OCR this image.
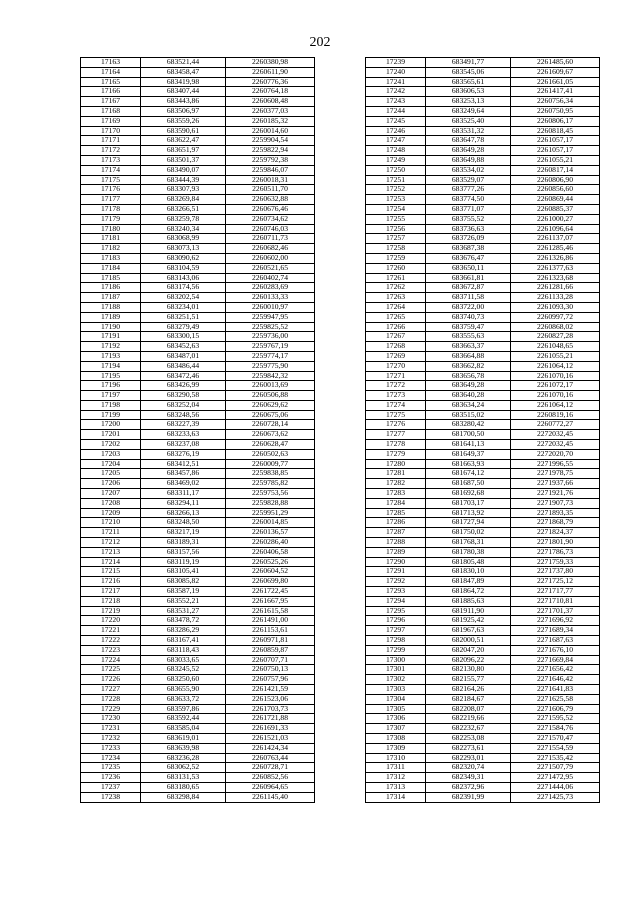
202
17163	683521,44	2260380,98
17164	683458,47	2260611,90
17165	683419,98	2260776,36
17166	683407,44	2260764,18
17167	683443,86	2260608,48
17168	683506,97	2260377,03
17169	683559,26	2260185,32
17170	683590,61	2260014,60
17171	683622,47	2259904,54
17172	683651,97	2259822,94
17173	683501,37	2259792,38
17174	683490,07	2259846,07
17175	683444,39	2260018,31
17176	683307,93	2260511,70
17177	683269,84	2260632,88
17178	683266,51	2260676,46
17179	683259,78	2260734,62
17180	683240,34	2260746,03
17181	683068,99	2260711,73
17182	683073,13	2260682,46
17183	683090,62	2260602,00
17184	683104,59	2260521,65
17185	683143,06	2260402,74
17186	683174,56	2260283,69
17187	683202,54	2260133,33
17188	683234,01	2260010,97
17189	683251,51	2259947,95
17190	683279,49	2259825,52
17191	683300,15	2259736,00
17192	683452,63	2259767,19
17193	683487,01	2259774,17
17194	683486,44	2259775,90
17195	683472,46	2259842,32
17196	683426,99	2260013,69
17197	683290,58	2260506,88
17198	683252,04	2260629,62
17199	683248,56	2260675,06
17200	683227,39	2260728,14
17201	683233,63	2260673,62
17202	683237,08	2260628,47
17203	683276,19	2260502,63
17204	683412,51	2260009,77
17205	683457,86	2259838,85
17206	683469,02	2259785,82
17207	683311,17	2259753,56
17208	683294,11	2259828,88
17209	683266,13	2259951,29
17210	683248,50	2260014,85
17211	683217,19	2260136,57
17212	683189,31	2260286,40
17213	683157,56	2260406,58
17214	683119,19	2260525,26
17215	683105,41	2260604,52
17216	683085,82	2260699,80
17217	683587,19	2261722,45
17218	683552,21	2261667,95
17219	683531,27	2261615,58
17220	683478,72	2261491,00
17221	683286,29	2261153,61
17222	683167,41	2260971,81
17223	683118,43	2260859,87
17224	683033,65	2260707,71
17225	683245,52	2260750,13
17226	683250,60	2260757,96
17227	683655,90	2261421,59
17228	683633,72	2261523,06
17229	683597,86	2261703,73
17230	683592,44	2261721,88
17231	683585,04	2261691,33
17232	683619,01	2261521,03
17233	683639,98	2261424,34
17234	683236,28	2260763,44
17235	683062,52	2260728,71
17236	683131,53	2260852,56
17237	683180,65	2260964,65
17238	683298,84	2261145,40
17239	683491,77	2261485,60
17240	683545,06	2261609,67
17241	683565,61	2261661,05
17242	683606,53	2261417,41
17243	683253,13	2260756,34
17244	683249,64	2260750,95
17245	683525,40	2260806,17
17246	683531,32	2260818,45
17247	683647,78	2261057,17
17248	683649,28	2261057,17
17249	683649,88	2261055,21
17250	683534,02	2260817,14
17251	683529,07	2260806,90
17252	683777,26	2260856,60
17253	683774,50	2260869,44
17254	683771,07	2260885,37
17255	683755,52	2261000,27
17256	683736,63	2261096,64
17257	683726,09	2261137,07
17258	683687,38	2261285,46
17259	683676,47	2261326,86
17260	683650,11	2261377,63
17261	683661,81	2261323,68
17262	683672,87	2261281,66
17263	683711,58	2261133,28
17264	683722,00	2261093,30
17265	683740,73	2260997,72
17266	683759,47	2260868,02
17267	683555,63	2260827,28
17268	683663,37	2261048,65
17269	683664,88	2261055,21
17270	683662,82	2261064,12
17271	683656,78	2261070,16
17272	683649,28	2261072,17
17273	683640,28	2261070,16
17274	683634,24	2261064,12
17275	683515,02	2260819,16
17276	683280,42	2260772,27
17277	681700,50	2272032,45
17278	681641,13	2272032,45
17279	681649,37	2272020,70
17280	681663,93	2271996,55
17281	681674,12	2271978,75
17282	681687,50	2271937,66
17283	681692,68	2271921,76
17284	681703,17	2271907,73
17285	681713,92	2271893,35
17286	681727,94	2271868,79
17287	681750,02	2271824,37
17288	681768,31	2271801,90
17289	681780,38	2271786,73
17290	681805,48	2271759,33
17291	681830,10	2271737,80
17292	681847,89	2271725,12
17293	681864,72	2271717,77
17294	681885,63	2271710,81
17295	681911,90	2271701,37
17296	681925,42	2271696,92
17297	681967,63	2271689,34
17298	682000,51	2271687,63
17299	682047,20	2271676,10
17300	682096,22	2271669,84
17301	682130,80	2271656,42
17302	682155,77	2271646,42
17303	682164,26	2271641,83
17304	682184,67	2271625,58
17305	682208,07	2271606,79
17306	682219,66	2271595,52
17307	682232,67	2271584,76
17308	682253,08	2271570,47
17309	682273,61	2271554,59
17310	682293,01	2271535,42
17311	682320,74	2271507,79
17312	682349,31	2271472,95
17313	682372,96	2271444,06
17314	682391,99	2271425,73
